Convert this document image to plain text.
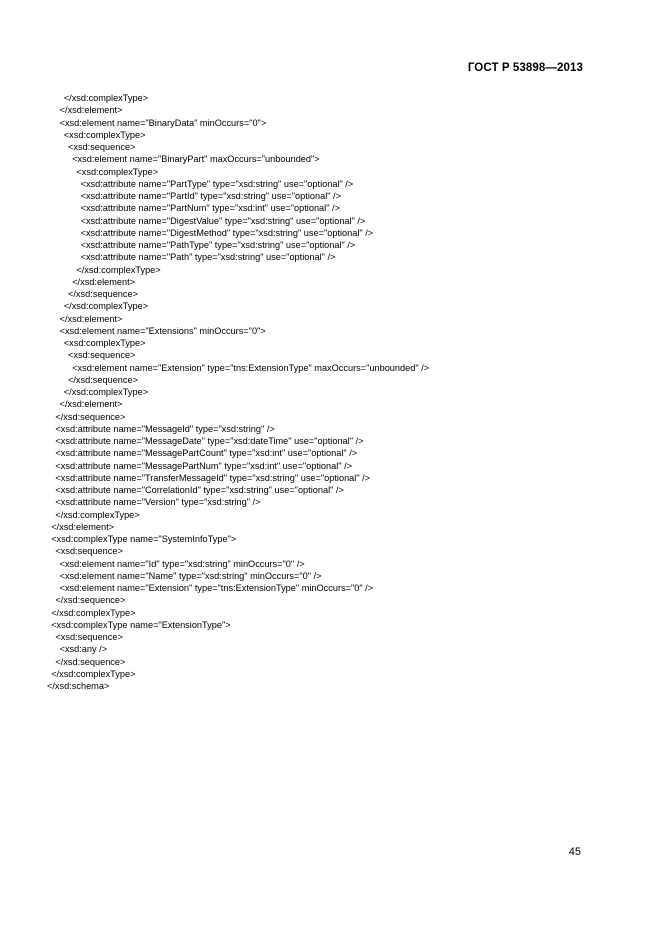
ГОСТ Р 53898—2013
</xsd:complexType>
</xsd:element>
<xsd:element name="BinaryData" minOccurs="0">
<xsd:complexType>
<xsd:sequence>
<xsd:element name="BinaryPart" maxOccurs="unbounded">
<xsd:complexType>
<xsd:attribute name="PartType" type="xsd:string" use="optional" />
<xsd:attribute name="PartId" type="xsd:string" use="optional" />
<xsd:attribute name="PartNum" type="xsd:int" use="optional" />
<xsd:attribute name="DigestValue" type="xsd:string" use="optional" />
<xsd:attribute name="DigestMethod" type="xsd:string" use="optional" />
<xsd:attribute name="PathType" type="xsd:string" use="optional" />
<xsd:attribute name="Path" type="xsd:string" use="optional" />
</xsd:complexType>
</xsd:element>
</xsd:sequence>
</xsd:complexType>
</xsd:element>
<xsd:element name="Extensions" minOccurs="0">
<xsd:complexType>
<xsd:sequence>
<xsd:element name="Extension" type="tns:ExtensionType" maxOccurs="unbounded" />
</xsd:sequence>
</xsd:complexType>
</xsd:element>
</xsd:sequence>
<xsd:attribute name="MessageId" type="xsd:string" />
<xsd:attribute name="MessageDate" type="xsd:dateTime" use="optional" />
<xsd:attribute name="MessagePartCount" type="xsd:int" use="optional" />
<xsd:attribute name="MessagePartNum" type="xsd:int" use="optional" />
<xsd:attribute name="TransferMessageId" type="xsd:string" use="optional" />
<xsd:attribute name="CorrelationId" type="xsd:string" use="optional" />
<xsd:attribute name="Version" type="xsd:string" />
</xsd:complexType>
</xsd:element>
<xsd:complexType name="SystemInfoType">
<xsd:sequence>
<xsd:element name="Id" type="xsd:string" minOccurs="0" />
<xsd:element name="Name" type="xsd:string" minOccurs="0" />
<xsd:element name="Extension" type="tns:ExtensionType" minOccurs="0" />
</xsd:sequence>
</xsd:complexType>
<xsd:complexType name="ExtensionType">
<xsd:sequence>
<xsd:any />
</xsd:sequence>
</xsd:complexType>
</xsd:schema>
45
